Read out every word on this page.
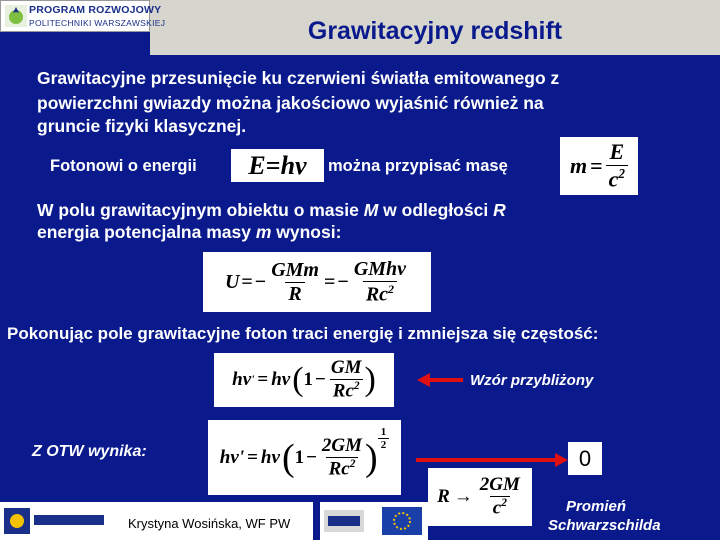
PROGRAM ROZWOJOWY
POLITECHNIKI WARSZAWSKIEJ	Grawitacyjny redshift
Grawitacyjne przesunięcie ku czerwieni światła emitowanego z
powierzchni gwiazdy można jakościowo wyjaśnić również na
gruncie fizyki klasycznej.
Fotonowi o energii	E=hν	można przypisać masę	$m = \frac{E}{c^2}$
W polu grawitacyjnym obiektu o masie M w odległości R
energia potencjalna masy m wynosi:
U = − $\frac{\text{GMm}}{R}$ = − $\frac{\text{GMhν}}{Rc^2}$
Pokonując pole grawitacyjne foton traci energię i zmniejsza się częstość:
h ν ' = h ν ( $1 - \frac{GM}{Rc^2}$ )	Wzór przybliżony
Z OTW wynika:	h ν ' = h ν ( $1 - \frac{2GM}{Rc^2}$ ) $\frac{1}{2}$
0
$R \to \frac{2GM}{c^2}$	Promień
Schwarzschilda
Krystyna Wosińska, WF PW
